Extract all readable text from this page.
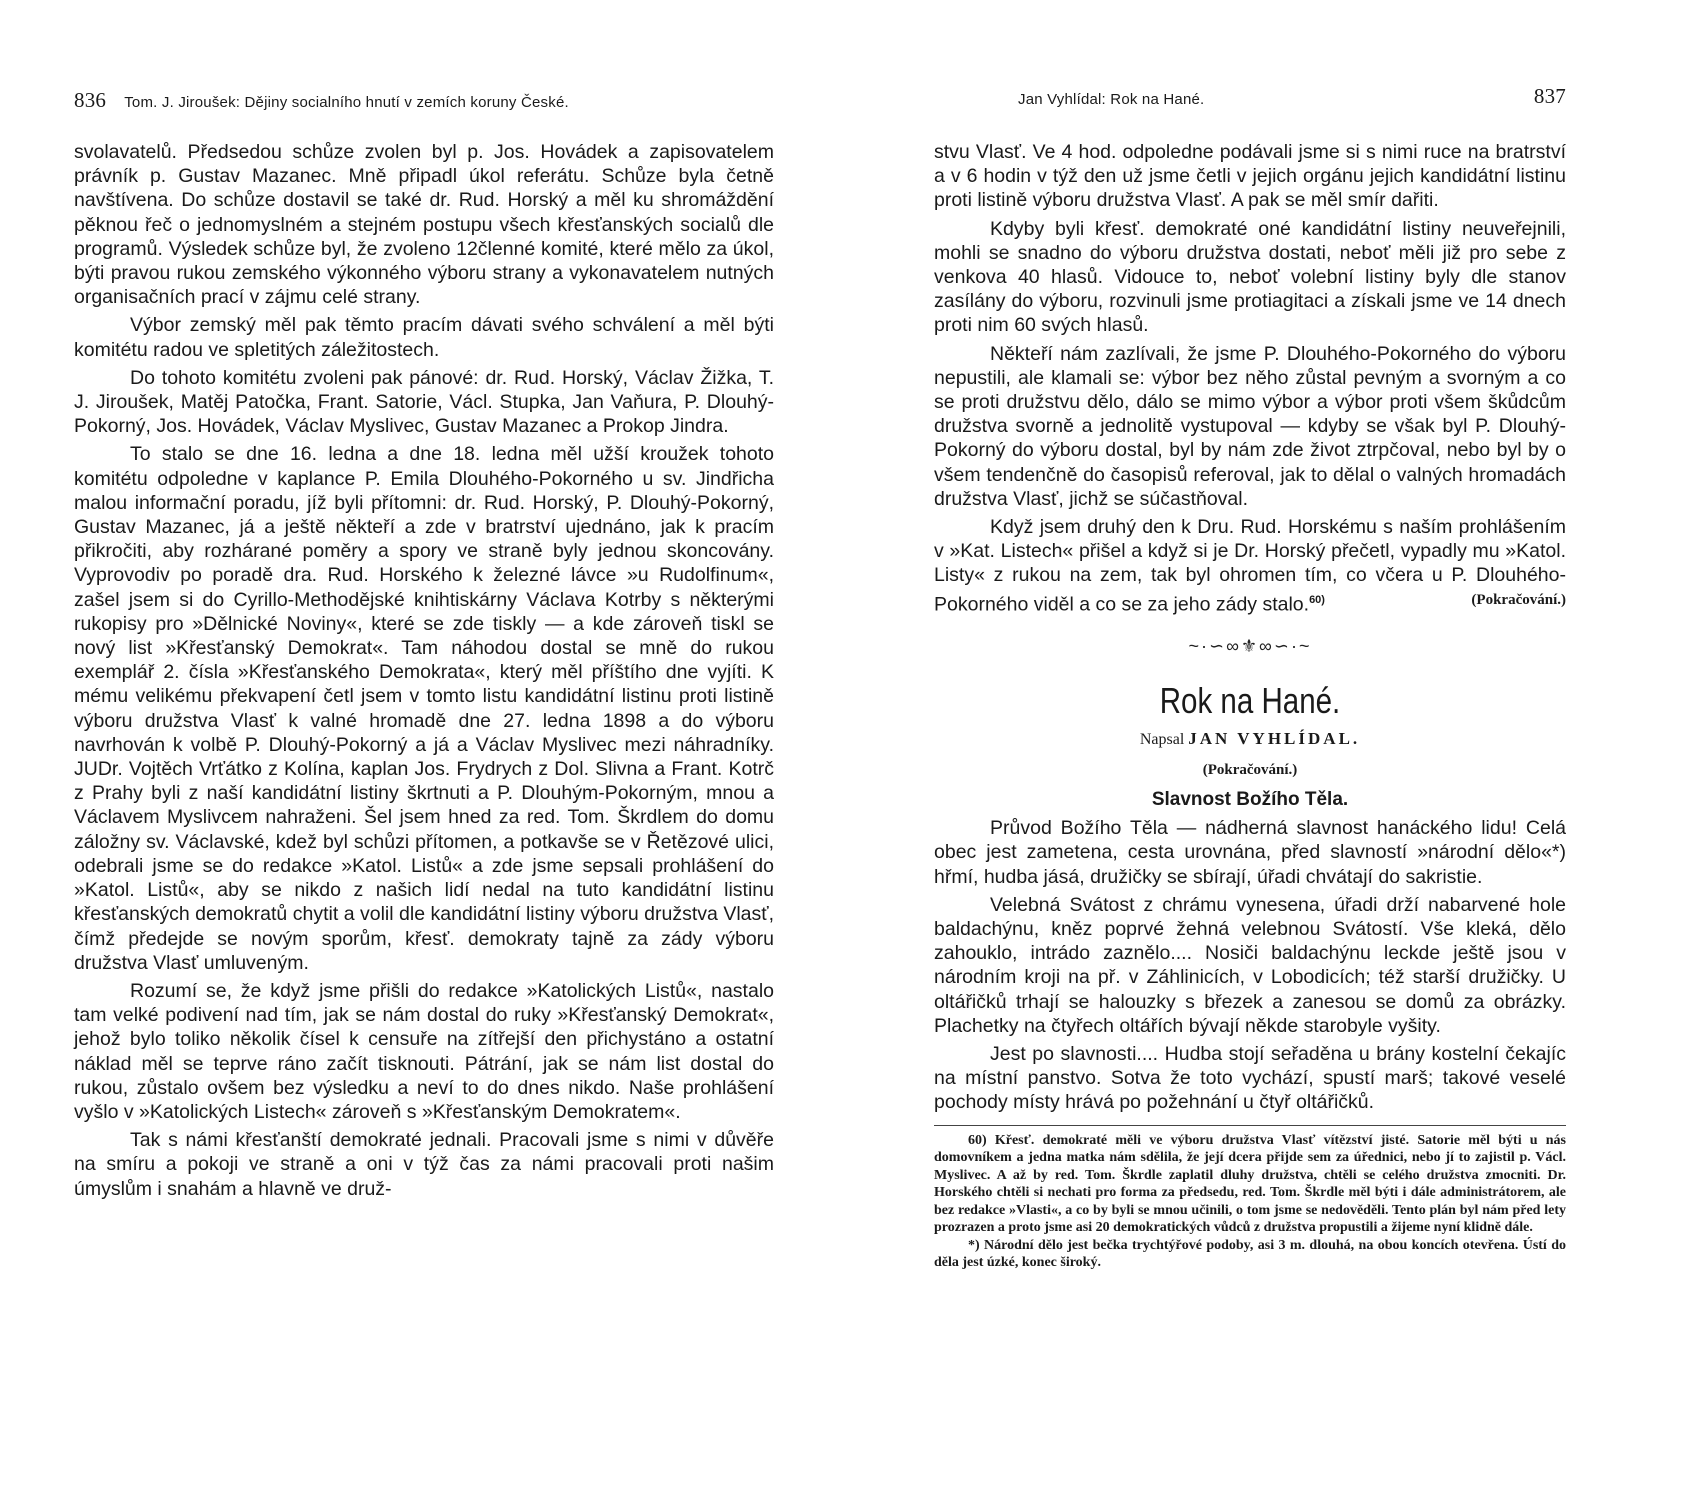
836 Tom. J. Jiroušek: Dějiny socialního hnutí v zemích koruny České.

svolavatelů. Předsedou schůze zvolen byl p. Jos. Hovádek a zapisovatelem právník p. Gustav Mazanec. Mně připadl úkol referátu. Schůze byla četně navštívena. Do schůze dostavil se také dr. Rud. Horský a měl ku shromáždění pěknou řeč o jednomyslném a stejném postupu všech křesťanských socialů dle programů. Výsledek schůze byl, že zvoleno 12členné komité, které mělo za úkol, býti pravou rukou zemského výkonného výboru strany a vykonavatelem nutných organisačních prací v zájmu celé strany.

Výbor zemský měl pak těmto pracím dávati svého schválení a měl býti komitétu radou ve spletitých záležitostech.

Do tohoto komitétu zvoleni pak pánové: dr. Rud. Horský, Václav Žižka, T. J. Jiroušek, Matěj Patočka, Frant. Satorie, Václ. Stupka, Jan Vaňura, P. Dlouhý-Pokorný, Jos. Hovádek, Václav Myslivec, Gustav Mazanec a Prokop Jindra.

To stalo se dne 16. ledna a dne 18. ledna měl užší kroužek tohoto komitétu odpoledne v kaplance P. Emila Dlouhého-Pokorného u sv. Jindřicha malou informační poradu, jíž byli přítomni: dr. Rud. Horský, P. Dlouhý-Pokorný, Gustav Mazanec, já a ještě někteří a zde v bratrství ujednáno, jak k pracím přikročiti, aby rozhárané poměry a spory ve straně byly jednou skoncovány. Vyprovodiv po poradě dra. Rud. Horského k železné lávce »u Rudolfinum«, zašel jsem si do Cyrillo-Methodějské knihtiskárny Václava Kotrby s některými rukopisy pro »Dělnické Noviny«, které se zde tiskly — a kde zároveň tiskl se nový list »Křesťanský Demokrat«. Tam náhodou dostal se mně do rukou exemplář 2. čísla »Křesťanského Demokrata«, který měl příštího dne vyjíti. K mému velikému překvapení četl jsem v tomto listu kandidátní listinu proti listině výboru družstva Vlasť k valné hromadě dne 27. ledna 1898 a do výboru navrhován k volbě P. Dlouhý-Pokorný a já a Václav Myslivec mezi náhradníky. JUDr. Vojtěch Vrťátko z Kolína, kaplan Jos. Frydrych z Dol. Slivna a Frant. Kotrč z Prahy byli z naší kandidátní listiny škrtnuti a P. Dlouhým-Pokorným, mnou a Václavem Myslivcem nahraženi. Šel jsem hned za red. Tom. Škrdlem do domu záložny sv. Václavské, kdež byl schůzi přítomen, a potkavše se v Řetězové ulici, odebrali jsme se do redakce »Katol. Listů« a zde jsme sepsali prohlášení do »Katol. Listů«, aby se nikdo z našich lidí nedal na tuto kandidátní listinu křesťanských demokratů chytit a volil dle kandidátní listiny výboru družstva Vlasť, čímž předejde se novým sporům, křesť. demokraty tajně za zády výboru družstva Vlasť umluveným.

Rozumí se, že když jsme přišli do redakce »Katolických Listů«, nastalo tam velké podivení nad tím, jak se nám dostal do ruky »Křesťanský Demokrat«, jehož bylo toliko několik čísel k censuře na zítřejší den přichystáno a ostatní náklad měl se teprve ráno začít tisknouti. Pátrání, jak se nám list dostal do rukou, zůstalo ovšem bez výsledku a neví to do dnes nikdo. Naše prohlášení vyšlo v »Katolických Listech« zároveň s »Křesťanským Demokratem«.

Tak s námi křesťanští demokraté jednali. Pracovali jsme s nimi v důvěře na smíru a pokoji ve straně a oni v týž čas za námi pracovali proti našim úmyslům i snahám a hlavně ve druž-

Jan Vyhlídal: Rok na Hané.	837

stvu Vlasť. Ve 4 hod. odpoledne podávali jsme si s nimi ruce na bratrství a v 6 hodin v týž den už jsme četli v jejich orgánu jejich kandidátní listinu proti listině výboru družstva Vlasť. A pak se měl smír dařiti.

Kdyby byli křesť. demokraté oné kandidátní listiny neuveřejnili, mohli se snadno do výboru družstva dostati, neboť měli již pro sebe z venkova 40 hlasů. Vidouce to, neboť volební listiny byly dle stanov zasílány do výboru, rozvinuli jsme protiagitaci a získali jsme ve 14 dnech proti nim 60 svých hlasů.

Někteří nám zazlívali, že jsme P. Dlouhého-Pokorného do výboru nepustili, ale klamali se: výbor bez něho zůstal pevným a svorným a co se proti družstvu dělo, dálo se mimo výbor a výbor proti všem škůdcům družstva svorně a jednolitě vystupoval — kdyby se však byl P. Dlouhý-Pokorný do výboru dostal, byl by nám zde život ztrpčoval, nebo byl by o všem tendenčně do časopisů referoval, jak to dělal o valných hromadách družstva Vlasť, jichž se súčastňoval.

Když jsem druhý den k Dru. Rud. Horskému s naším prohlášením v »Kat. Listech« přišel a když si je Dr. Horský přečetl, vypadly mu »Katol. Listy« z rukou na zem, tak byl ohromen tím, co včera u P. Dlouhého-Pokorného viděl a co se za jeho zády stalo.$^{60)}$	(Pokračování.)

~·∽∞⚜∞∽·~
Rok na Hané.
Napsal JAN VYHLÍDAL.
(Pokračování.)
Slavnost Božího Těla.

Průvod Božího Těla — nádherná slavnost hanáckého lidu! Celá obec jest zametena, cesta urovnána, před slavností »národní dělo«*) hřmí, hudba jásá, družičky se sbírají, úřadi chvátají do sakristie.

Velebná Svátost z chrámu vynesena, úřadi drží nabarvené hole baldachýnu, kněz poprvé žehná velebnou Svátostí. Vše kleká, dělo zahouklo, intrádo zaznělo.... Nosiči baldachýnu leckde ještě jsou v národním kroji na př. v Záhlinicích, v Lobodicích; též starší družičky. U oltářičků trhají se halouzky s březek a zanesou se domů za obrázky. Plachetky na čtyřech oltářích bývají někde starobyle vyšity.

Jest po slavnosti.... Hudba stojí seřaděna u brány kostelní čekajíc na místní panstvo. Sotva že toto vychází, spustí marš; takové veselé pochody místy hrává po požehnání u čtyř oltářičků.

60) Křesť. demokraté měli ve výboru družstva Vlasť vítězství jisté. Satorie měl býti u nás domovníkem a jedna matka nám sdělila, že její dcera přijde sem za úřednici, nebo jí to zajistil p. Václ. Myslivec. A až by red. Tom. Škrdle zaplatil dluhy družstva, chtěli se celého družstva zmocniti. Dr. Horského chtěli si nechati pro forma za předsedu, red. Tom. Škrdle měl býti i dále administrátorem, ale bez redakce »Vlasti«, a co by byli se mnou učinili, o tom jsme se nedověděli. Tento plán byl nám před lety prozrazen a proto jsme asi 20 demokratických vůdců z družstva propustili a žijeme nyní klidně dále.

*) Národní dělo jest bečka trychtýřové podoby, asi 3 m. dlouhá, na obou koncích otevřena. Ústí do děla jest úzké, konec široký.
